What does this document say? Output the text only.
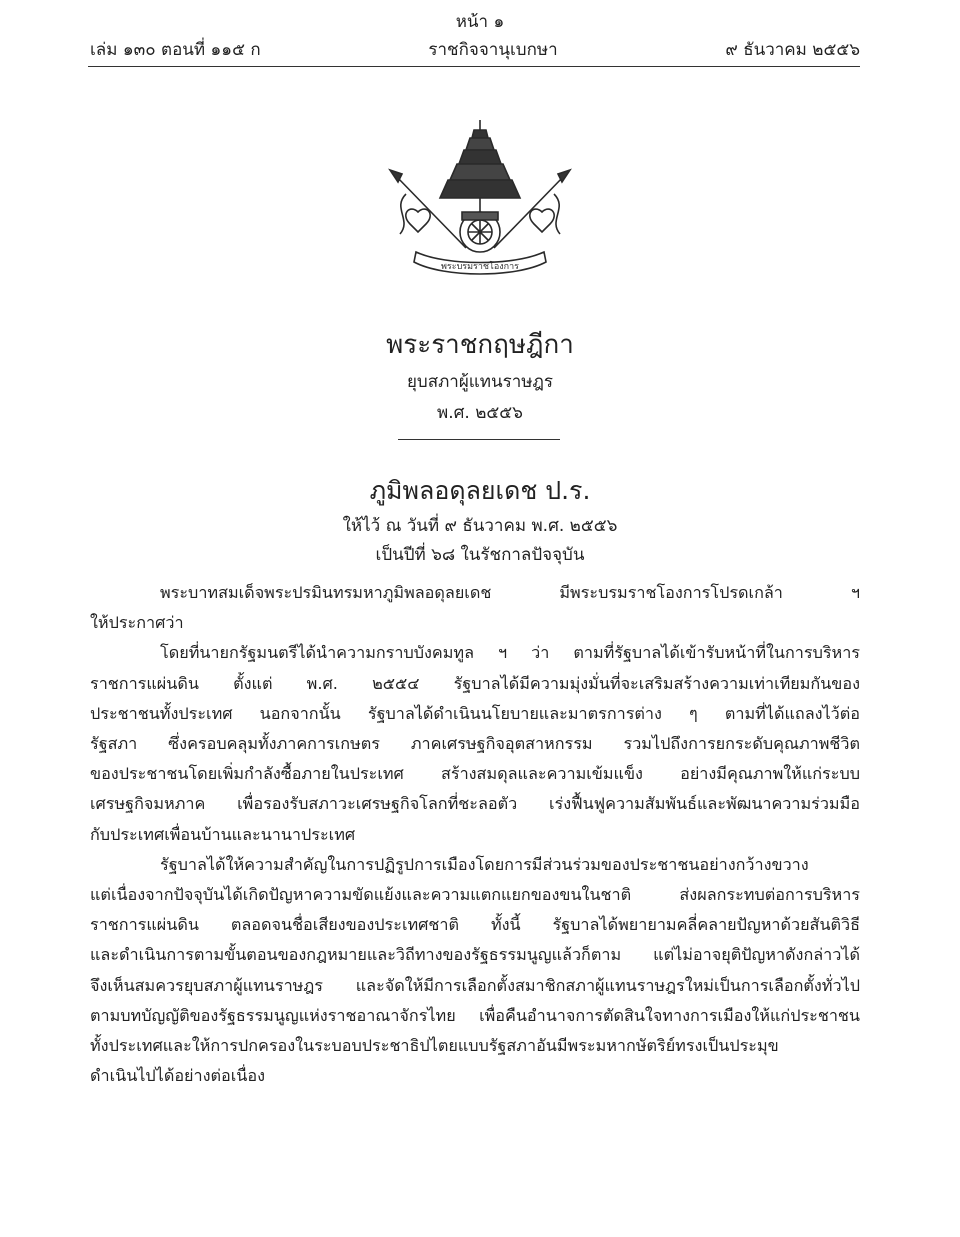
หน้า ๑
เล่ม ๑๓๐ ตอนที่ ๑๑๕ ก	ราชกิจจานุเบกษา	๙ ธันวาคม ๒๕๕๖
พระบรมราชโองการ
พระราชกฤษฎีกา
ยุบสภาผู้แทนราษฎร
พ.ศ. ๒๕๕๖
ภูมิพลอดุลยเดช ป.ร.
ให้ไว้ ณ วันที่ ๙ ธันวาคม พ.ศ. ๒๕๕๖
เป็นปีที่ ๖๘ ในรัชกาลปัจจุบัน
พระบาทสมเด็จพระปรมินทรมหาภูมิพลอดุลยเดช มีพระบรมราชโองการโปรดเกล้า ฯ
ให้ประกาศว่า
โดยที่นายกรัฐมนตรีได้นำความกราบบังคมทูล ฯ ว่า ตามที่รัฐบาลได้เข้ารับหน้าที่ในการบริหาร
ราชการแผ่นดิน ตั้งแต่ พ.ศ. ๒๕๕๔ รัฐบาลได้มีความมุ่งมั่นที่จะเสริมสร้างความเท่าเทียมกันของ
ประชาชนทั้งประเทศ นอกจากนั้น รัฐบาลได้ดำเนินนโยบายและมาตรการต่าง ๆ ตามที่ได้แถลงไว้ต่อ
รัฐสภา ซึ่งครอบคลุมทั้งภาคการเกษตร ภาคเศรษฐกิจอุตสาหกรรม รวมไปถึงการยกระดับคุณภาพชีวิต
ของประชาชนโดยเพิ่มกำลังซื้อภายในประเทศ สร้างสมดุลและความเข้มแข็ง อย่างมีคุณภาพให้แก่ระบบ
เศรษฐกิจมหภาค เพื่อรองรับสภาวะเศรษฐกิจโลกที่ชะลอตัว เร่งฟื้นฟูความสัมพันธ์และพัฒนาความร่วมมือ
กับประเทศเพื่อนบ้านและนานาประเทศ
รัฐบาลได้ให้ความสำคัญในการปฏิรูปการเมืองโดยการมีส่วนร่วมของประชาชนอย่างกว้างขวาง
แต่เนื่องจากปัจจุบันได้เกิดปัญหาความขัดแย้งและความแตกแยกของขนในชาติ ส่งผลกระทบต่อการบริหาร
ราชการแผ่นดิน ตลอดจนชื่อเสียงของประเทศชาติ ทั้งนี้ รัฐบาลได้พยายามคลี่คลายปัญหาด้วยสันติวิธี
และดำเนินการตามขั้นตอนของกฎหมายและวิถีทางของรัฐธรรมนูญแล้วก็ตาม แต่ไม่อาจยุติปัญหาดังกล่าวได้
จึงเห็นสมควรยุบสภาผู้แทนราษฎร และจัดให้มีการเลือกตั้งสมาชิกสภาผู้แทนราษฎรใหม่เป็นการเลือกตั้งทั่วไป
ตามบทบัญญัติของรัฐธรรมนูญแห่งราชอาณาจักรไทย เพื่อคืนอำนาจการตัดสินใจทางการเมืองให้แก่ประชาชน
ทั้งประเทศและให้การปกครองในระบอบประชาธิปไตยแบบรัฐสภาอันมีพระมหากษัตริย์ทรงเป็นประมุข
ดำเนินไปได้อย่างต่อเนื่อง
